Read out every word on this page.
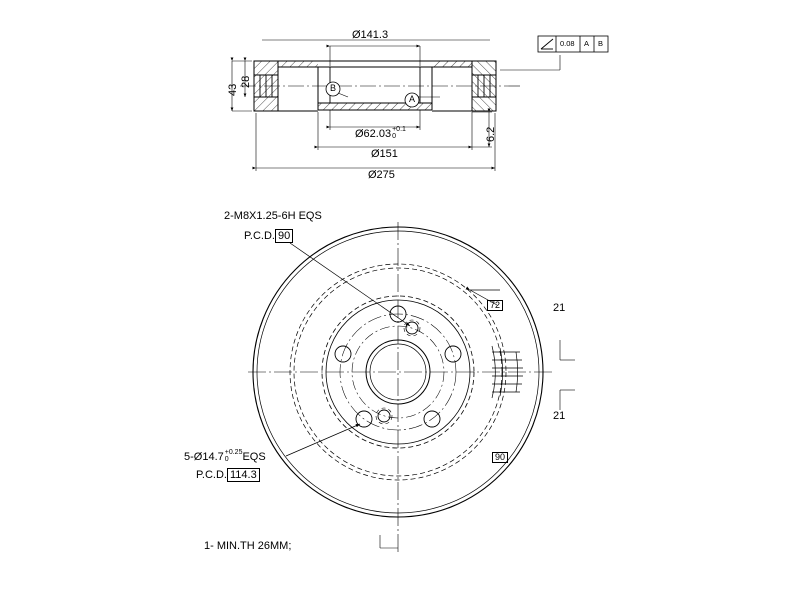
Ø141.3
Ø62.03 +0.1
0
Ø151
Ø275
43
28
6.2
B
A
0.08 A B
2-M8X1.25-6H EQS
P.C.D. 90
5-Ø14.7 +0.25
0	EQS
P.C.D. 114.3
72
90
21
21
1- MIN.TH 26MM;
